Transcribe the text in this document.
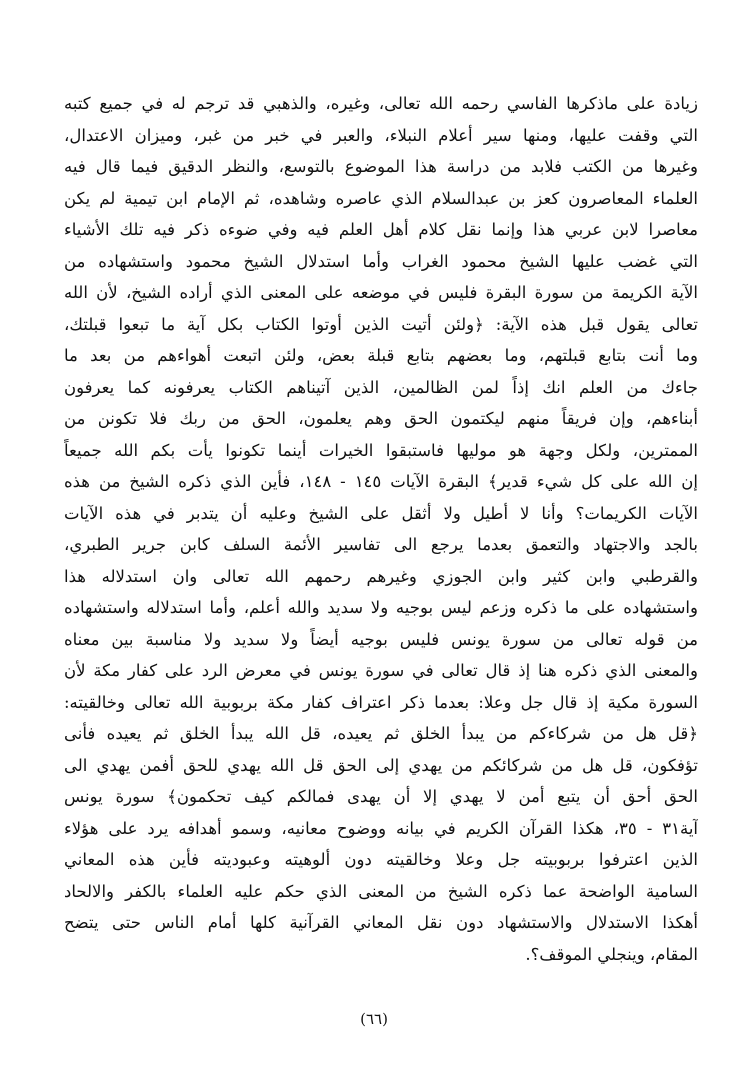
زيادة على ماذكرها الفاسي رحمه الله تعالى، وغيره، والذهبي قد ترجم له في جميع كتبه
التي وقفت عليها، ومنها سير أعلام النبلاء، والعبر في خبر من غبر، وميزان الاعتدال،
وغيرها من الكتب فلابد من دراسة هذا الموضوع بالتوسع، والنظر الدقيق فيما قال فيه
العلماء المعاصرون كعز بن عبدالسلام الذي عاصره وشاهده، ثم الإمام ابن تيمية لم يكن
معاصرا لابن عربي هذا وإنما نقل كلام أهل العلم فيه وفي ضوءه ذكر فيه تلك الأشياء
التي غضب عليها الشيخ محمود الغراب وأما استدلال الشيخ محمود واستشهاده من
الآية الكريمة من سورة البقرة فليس في موضعه على المعنى الذي أراده الشيخ، لأن الله
تعالى يقول قبل هذه الآية: ﴿ولئن أتيت الذين أوتوا الكتاب بكل آية ما تبعوا قبلتك،
وما أنت بتابع قبلتهم، وما بعضهم بتابع قبلة بعض، ولئن اتبعت أهواءهم من بعد ما
جاءك من العلم انك إذاً لمن الظالمين، الذين آتيناهم الكتاب يعرفونه كما يعرفون
أبناءهم، وإن فريقاً منهم ليكتمون الحق وهم يعلمون، الحق من ربك فلا تكونن من
الممترين، ولكل وجهة هو موليها فاستبقوا الخيرات أينما تكونوا يأت بكم الله جميعاً
إن الله على كل شيء قدير﴾ البقرة الآيات ١٤٥ - ١٤٨، فأين الذي ذكره الشيخ من هذه
الآيات الكريمات؟ وأنا لا أطيل ولا أثقل على الشيخ وعليه أن يتدبر في هذه الآيات
بالجد والاجتهاد والتعمق بعدما يرجع الى تفاسير الأئمة السلف كابن جرير الطبري،
والقرطبي وابن كثير وابن الجوزي وغيرهم رحمهم الله تعالى وان استدلاله هذا
واستشهاده على ما ذكره وزعم ليس بوجيه ولا سديد والله أعلم، وأما استدلاله واستشهاده
من قوله تعالى من سورة يونس فليس بوجيه أيضاً ولا سديد ولا مناسبة بين معناه
والمعنى الذي ذكره هنا إذ قال تعالى في سورة يونس في معرض الرد على كفار مكة لأن
السورة مكية إذ قال جل وعلا: بعدما ذكر اعتراف كفار مكة بربوبية الله تعالى وخالقيته:
﴿قل هل من شركاءكم من يبدأ الخلق ثم يعيده، قل الله يبدأ الخلق ثم يعيده فأنى
تؤفكون، قل هل من شركائكم من يهدي إلى الحق قل الله يهدي للحق أفمن يهدي الى
الحق أحق أن يتبع أمن لا يهدي إلا أن يهدى فمالكم كيف تحكمون﴾ سورة يونس
آية٣١ - ٣٥، هكذا القرآن الكريم في بيانه ووضوح معانيه، وسمو أهدافه يرد على هؤلاء
الذين اعترفوا بربوبيته جل وعلا وخالقيته دون ألوهيته وعبوديته فأين هذه المعاني
السامية الواضحة عما ذكره الشيخ من المعنى الذي حكم عليه العلماء بالكفر والالحاد
أهكذا الاستدلال والاستشهاد دون نقل المعاني القرآنية كلها أمام الناس حتى يتضح
المقام، وينجلي الموقف؟.
(٦٦)
